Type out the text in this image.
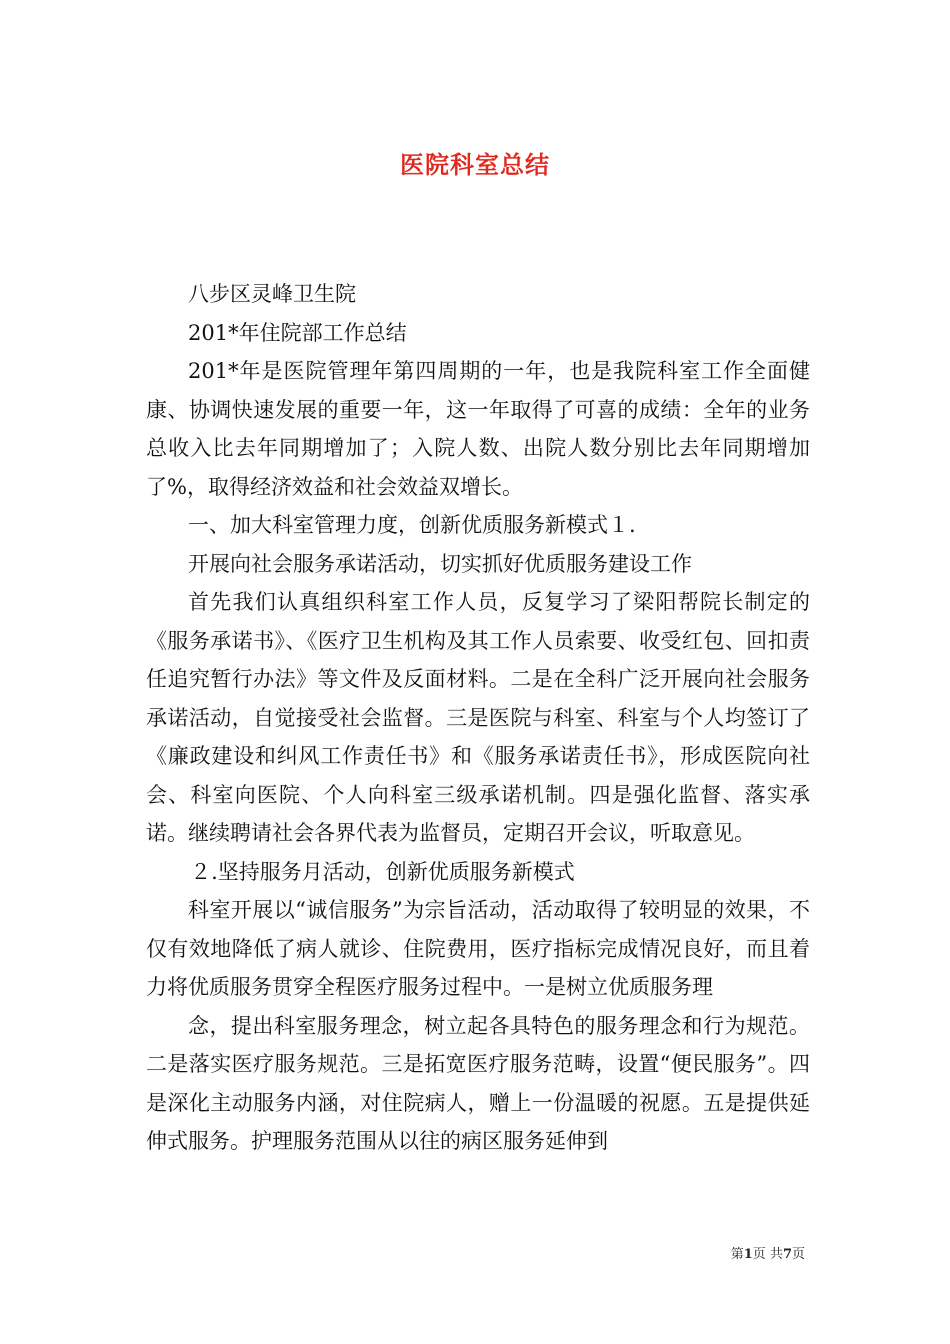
医院科室总结

八步区灵峰卫生院

201*年住院部工作总结

201*年是医院管理年第四周期的一年，也是我院科室工作全面健康、协调快速发展的重要一年，这一年取得了可喜的成绩：全年的业务总收入比去年同期增加了；入院人数、出院人数分别比去年同期增加了%，取得经济效益和社会效益双增长。

一、加大科室管理力度，创新优质服务新模式１.

开展向社会服务承诺活动，切实抓好优质服务建设工作

首先我们认真组织科室工作人员，反复学习了梁阳帮院长制定的《服务承诺书》、《医疗卫生机构及其工作人员索要、收受红包、回扣责任追究暂行办法》等文件及反面材料。二是在全科广泛开展向社会服务承诺活动，自觉接受社会监督。三是医院与科室、科室与个人均签订了《廉政建设和纠风工作责任书》和《服务承诺责任书》，形成医院向社会、科室向医院、个人向科室三级承诺机制。四是强化监督、落实承诺。继续聘请社会各界代表为监督员，定期召开会议，听取意见。

２.坚持服务月活动，创新优质服务新模式

科室开展以“诚信服务”为宗旨活动，活动取得了较明显的效果，不仅有效地降低了病人就诊、住院费用，医疗指标完成情况良好，而且着力将优质服务贯穿全程医疗服务过程中。一是树立优质服务理

念，提出科室服务理念，树立起各具特色的服务理念和行为规范。二是落实医疗服务规范。三是拓宽医疗服务范畴，设置“便民服务”。四是深化主动服务内涵，对住院病人，赠上一份温暖的祝愿。五是提供延伸式服务。护理服务范围从以往的病区服务延伸到

第1页 共7页
